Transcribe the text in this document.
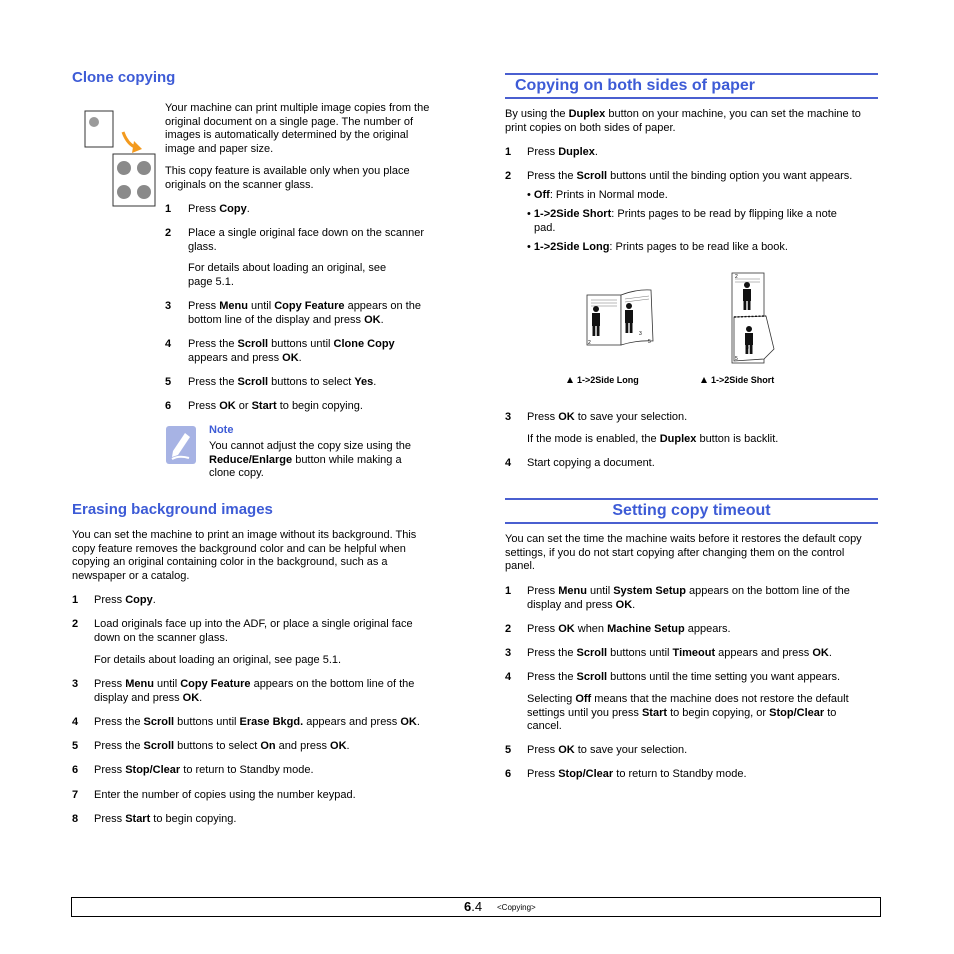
Clone copying
Your machine can print multiple image copies from the
original document on a single page. The number of
images is automatically determined by the original
image and paper size.
This copy feature is available only when you place
originals on the scanner glass.
1	Press Copy.
2	Place a single original face down on the scanner
glass.
For details about loading an original, see
page 5.1.
3	Press Menu until Copy Feature appears on the
bottom line of the display and press OK.
4	Press the Scroll buttons until Clone Copy
appears and press OK.
5	Press the Scroll buttons to select Yes.
6	Press OK or Start to begin copying.
Note
You cannot adjust the copy size using the
Reduce/Enlarge button while making a
clone copy.
Erasing background images
You can set the machine to print an image without its background. This
copy feature removes the background color and can be helpful when
copying an original containing color in the background, such as a
newspaper or a catalog.
1	Press Copy.
2	Load originals face up into the ADF, or place a single original face
down on the scanner glass.
For details about loading an original, see page 5.1.
3	Press Menu until Copy Feature appears on the bottom line of the
display and press OK.
4	Press the Scroll buttons until Erase Bkgd. appears and press OK.
5	Press the Scroll buttons to select On and press OK.
6	Press Stop/Clear to return to Standby mode.
7	Enter the number of copies using the number keypad.
8	Press Start to begin copying.
Copying on both sides of paper
By using the Duplex button on your machine, you can set the machine to
print copies on both sides of paper.
1	Press Duplex.
2	Press the Scroll buttons until the binding option you want appears.
• Off: Prints in Normal mode.
• 1->2Side Short: Prints pages to be read by flipping like a note
pad.
• 1->2Side Long: Prints pages to be read like a book.
2
3
5
2
3
5
1->2Side Long	1->2Side Short
3	Press OK to save your selection.
If the mode is enabled, the Duplex button is backlit.
4	Start copying a document.
Setting copy timeout
You can set the time the machine waits before it restores the default copy
settings, if you do not start copying after changing them on the control
panel.
1	Press Menu until System Setup appears on the bottom line of the
display and press OK.
2	Press OK when Machine Setup appears.
3	Press the Scroll buttons until Timeout appears and press OK.
4	Press the Scroll buttons until the time setting you want appears.
Selecting Off means that the machine does not restore the default
settings until you press Start to begin copying, or Stop/Clear to
cancel.
5	Press OK to save your selection.
6	Press Stop/Clear to return to Standby mode.
6.4 <Copying>
